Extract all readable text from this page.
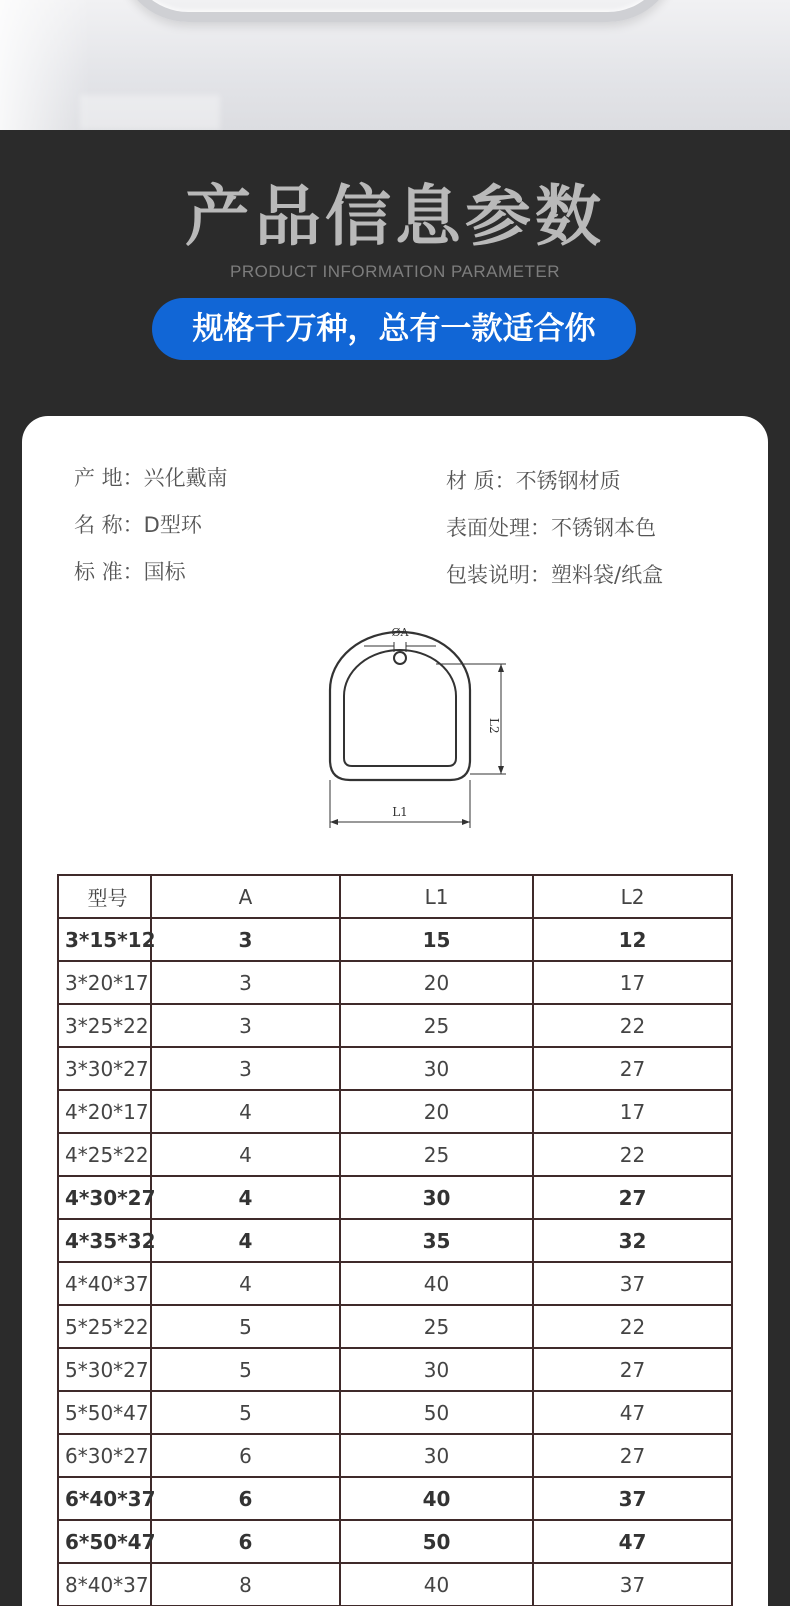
产品信息参数
PRODUCT INFORMATION PARAMETER
规格千万种，总有一款适合你
产 地：兴化戴南
名 称：D型环
标 准：国标
材 质：不锈钢材质
表面处理：不锈钢本色
包装说明：塑料袋/纸盒
ØA
L2
L1
型号	A	L1	L2
3*15*12	3	15	12
3*20*17	3	20	17
3*25*22	3	25	22
3*30*27	3	30	27
4*20*17	4	20	17
4*25*22	4	25	22
4*30*27	4	30	27
4*35*32	4	35	32
4*40*37	4	40	37
5*25*22	5	25	22
5*30*27	5	30	27
5*50*47	5	50	47
6*30*27	6	30	27
6*40*37	6	40	37
6*50*47	6	50	47
8*40*37	8	40	37
